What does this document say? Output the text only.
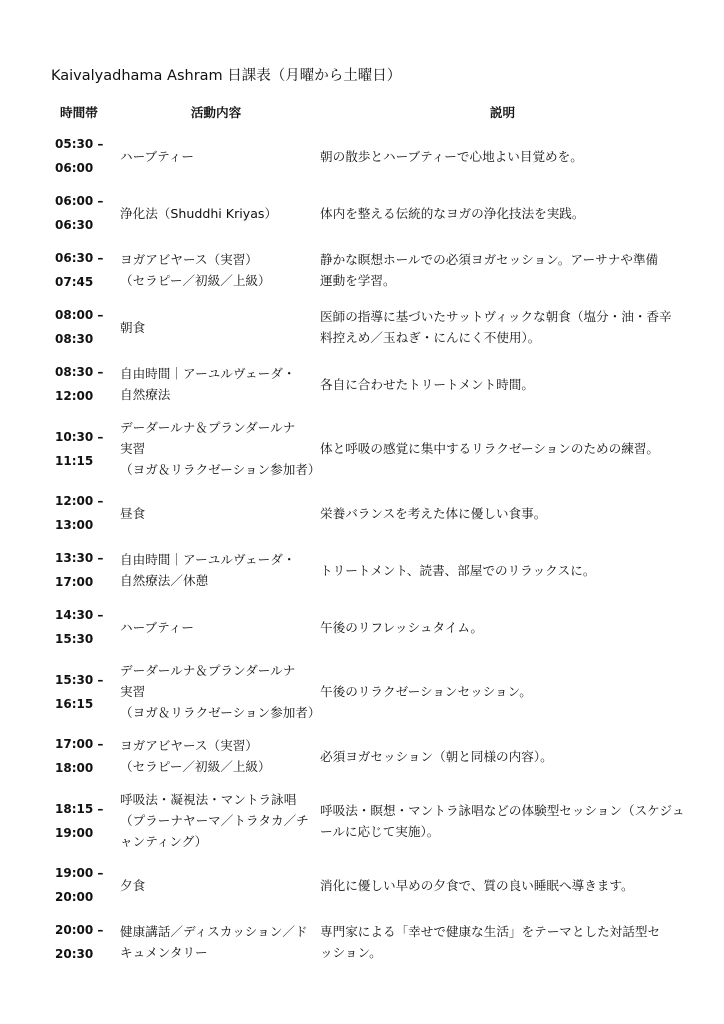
Kaivalyadhama Ashram 日課表（月曜から土曜日）
時間帯	活動内容	説明

05:30 –
06:00	ハーブティー	朝の散歩とハーブティーで心地よい目覚めを。

06:00 –
06:30	浄化法（Shuddhi Kriyas）	体内を整える伝統的なヨガの浄化技法を実践。

06:30 –
07:45	ヨガアビヤース（実習）
（セラピー／初級／上級）	静かな瞑想ホールでの必須ヨガセッション。アーサナや準備
運動を学習。

08:00 –
08:30	朝食	医師の指導に基づいたサットヴィックな朝食（塩分・油・香辛
料控えめ／玉ねぎ・にんにく不使用）。

08:30 –
12:00	自由時間｜アーユルヴェーダ・
自然療法	各自に合わせたトリートメント時間。

10:30 –
11:15	デーダールナ＆プランダールナ
実習
（ヨガ＆リラクゼーション参加者）	体と呼吸の感覚に集中するリラクゼーションのための練習。

12:00 –
13:00	昼食	栄養バランスを考えた体に優しい食事。

13:30 –
17:00	自由時間｜アーユルヴェーダ・
自然療法／休憩	トリートメント、読書、部屋でのリラックスに。

14:30 –
15:30	ハーブティー	午後のリフレッシュタイム。

15:30 –
16:15	デーダールナ＆プランダールナ
実習
（ヨガ＆リラクゼーション参加者）	午後のリラクゼーションセッション。

17:00 –
18:00	ヨガアビヤース（実習）
（セラピー／初級／上級）	必須ヨガセッション（朝と同様の内容）。

18:15 –
19:00	呼吸法・凝視法・マントラ詠唱
（プラーナヤーマ／トラタカ／チ
ャンティング）	呼吸法・瞑想・マントラ詠唱などの体験型セッション（スケジュ
ールに応じて実施）。

19:00 –
20:00	夕食	消化に優しい早めの夕食で、質の良い睡眠へ導きます。

20:00 –
20:30	健康講話／ディスカッション／ド
キュメンタリー	専門家による「幸せで健康な生活」をテーマとした対話型セ
ッション。
